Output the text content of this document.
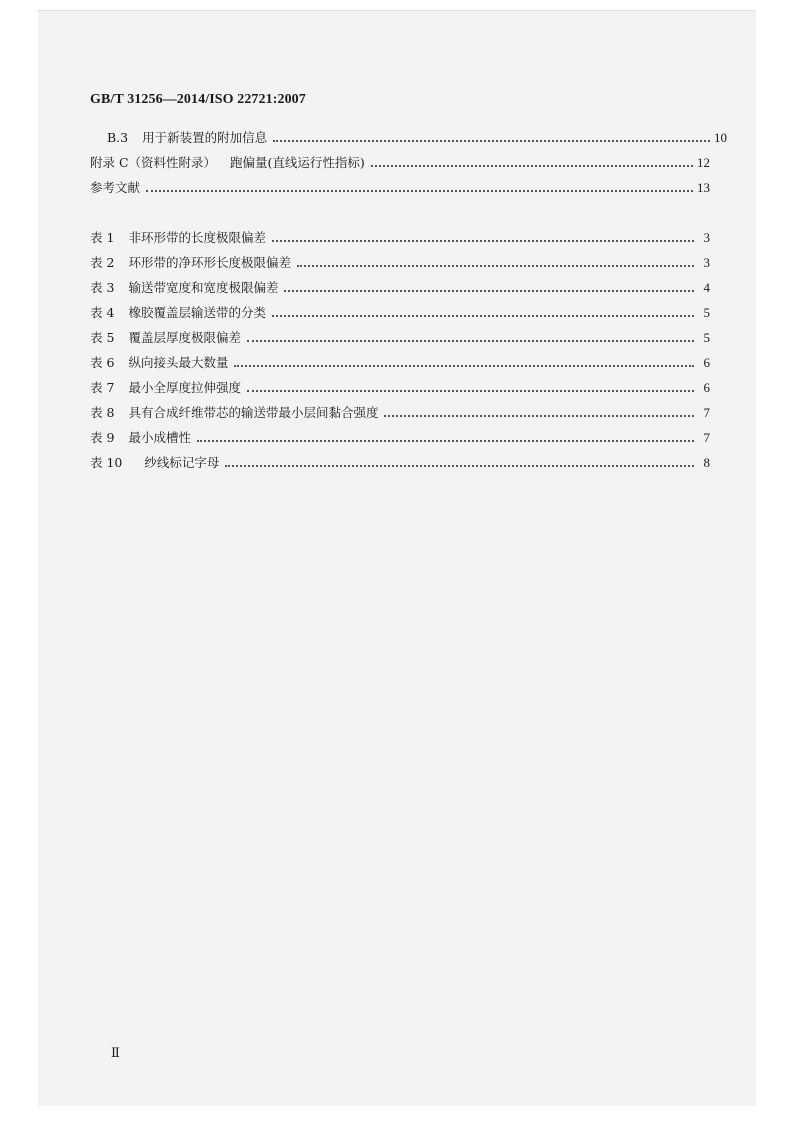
GB/T 31256—2014/ISO 22721:2007
B.3 用于新装置的附加信息	10
附录 C（资料性附录） 跑偏量(直线运行性指标)	12
参考文献	13
表 1 非环形带的长度极限偏差	3
表 2 环形带的净环形长度极限偏差	3
表 3 输送带宽度和宽度极限偏差	4
表 4 橡胶覆盖层输送带的分类	5
表 5 覆盖层厚度极限偏差	5
表 6 纵向接头最大数量	6
表 7 最小全厚度拉伸强度	6
表 8 具有合成纤维带芯的输送带最小层间黏合强度	7
表 9 最小成槽性	7
表 10 纱线标记字母	8
Ⅱ
